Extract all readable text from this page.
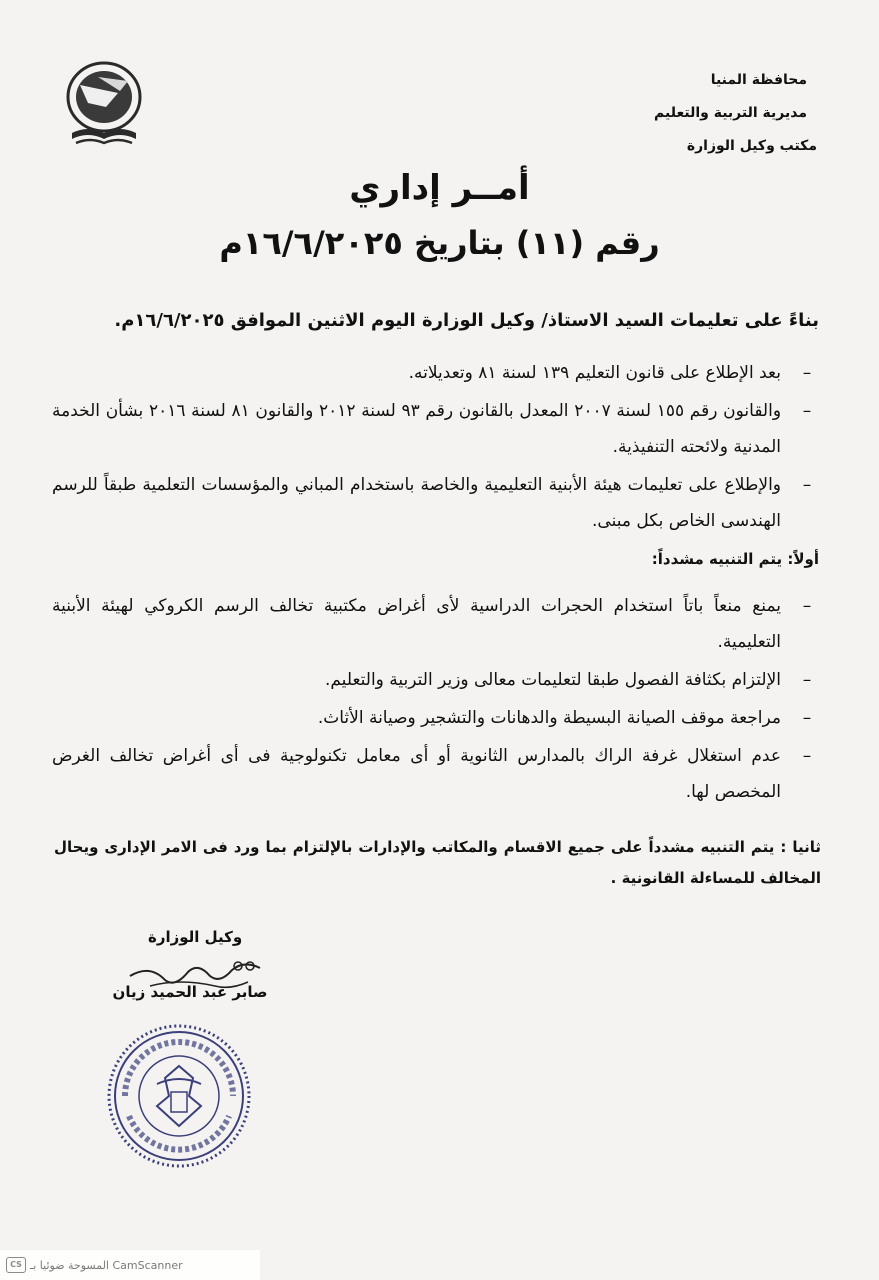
محافظة المنيا
مديرية التربية والتعليم
مكتب وكيل الوزارة
أمــر إداري
رقم (١١) بتاريخ ١٦/٦/٢٠٢٥م
بناءً على تعليمات السيد الاستاذ/ وكيل الوزارة اليوم الاثنين الموافق ١٦/٦/٢٠٢٥م.
–
بعد الإطلاع على قانون التعليم ١٣٩ لسنة ٨١ وتعديلاته.
–
والقانون رقم ١٥٥ لسنة ٢٠٠٧ المعدل بالقانون رقم ٩٣ لسنة ٢٠١٢ والقانون ٨١ لسنة ٢٠١٦ بشأن الخدمة المدنية ولائحته التنفيذية.
–
والإطلاع على تعليمات هيئة الأبنية التعليمية والخاصة باستخدام المباني والمؤسسات التعلمية طبقاً للرسم الهندسى الخاص بكل مبنى.
أولاً: يتم التنبيه مشدداً:
–
يمنع منعاً باتاً استخدام الحجرات الدراسية لأى أغراض مكتبية تخالف الرسم الكروكي لهيئة الأبنية التعليمية.
–
الإلتزام بكثافة الفصول طبقا لتعليمات معالى وزير التربية والتعليم.
–
مراجعة موقف الصيانة البسيطة والدهانات والتشجير وصيانة الأثاث.
–
عدم استغلال غرفة الراك بالمدارس الثانوية أو أى معامل تكنولوجية فى أى أغراض تخالف الغرض المخصص لها.
ثانيا :يتم التنبيه مشدداً على جميع الاقسام والمكاتب والإدارات بالإلتزام بما ورد فى الامر الإدارى ويحال المخالف للمساءلة القانونية .
وكيل الوزارة
صابر عبد الحميد زيان
CS المسوحة ضوئيا بـ CamScanner
